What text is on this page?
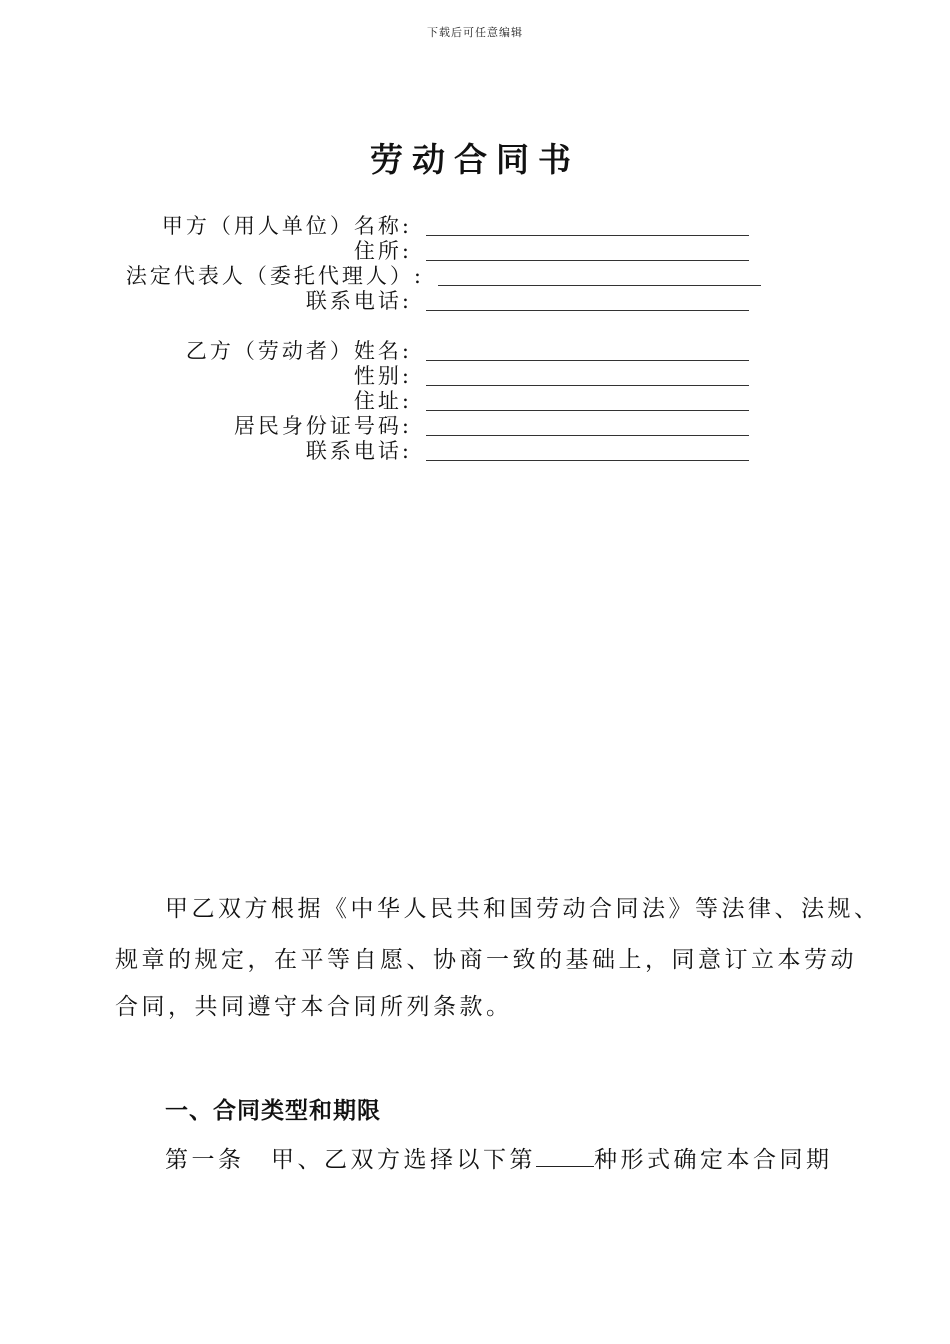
下载后可任意编辑
劳动合同书
甲方（用人单位）名称:
住所:
法定代表人（委托代理人）:
联系电话:
乙方（劳动者）姓名:
性别:
住址:
居民身份证号码:
联系电话:
甲乙双方根据《中华人民共和国劳动合同法》等法律、法规、
规章的规定，在平等自愿、协商一致的基础上，同意订立本劳动
合同，共同遵守本合同所列条款。
一、合同类型和期限
第一条　甲、乙双方选择以下第	种形式确定本合同期
